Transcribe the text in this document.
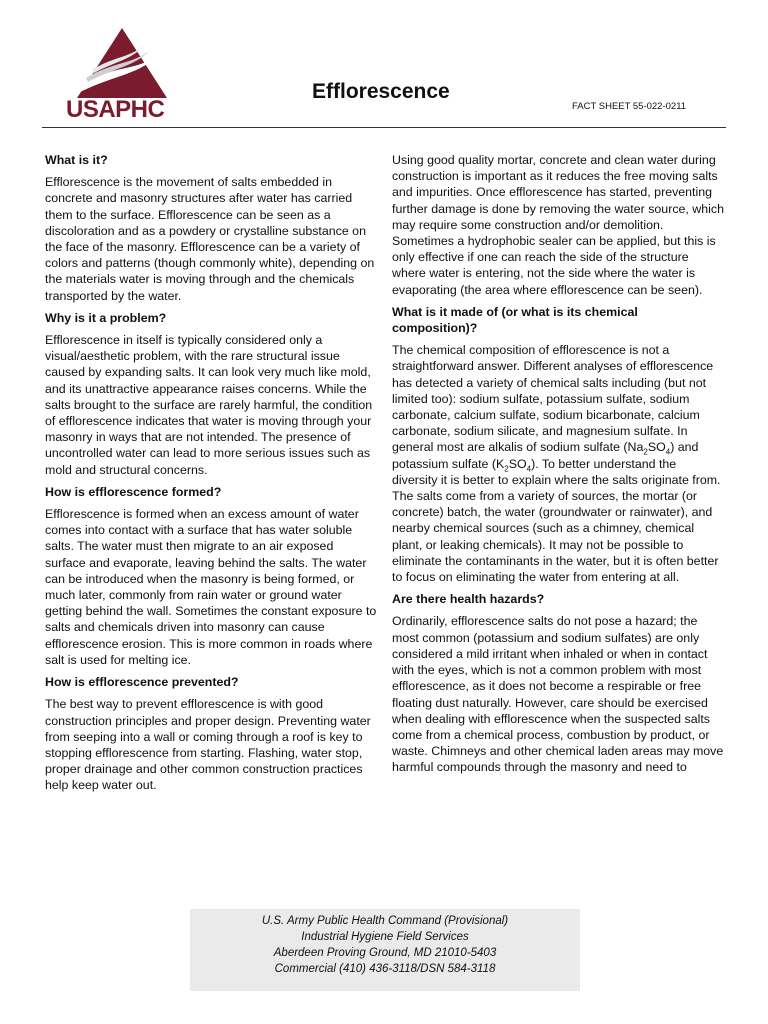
USAPHC
Efflorescence
FACT SHEET 55-022-0211
What is it?

Efflorescence is the movement of salts embedded in concrete and masonry structures after water has carried them to the surface. Efflorescence can be seen as a discoloration and as a powdery or crystalline substance on the face of the masonry. Efflorescence can be a variety of colors and patterns (though commonly white), depending on the materials water is moving through and the chemicals transported by the water.

Why is it a problem?

Efflorescence in itself is typically considered only a visual/aesthetic problem, with the rare structural issue caused by expanding salts. It can look very much like mold, and its unattractive appearance raises concerns. While the salts brought to the surface are rarely harmful, the condition of efflorescence indicates that water is moving through your masonry in ways that are not intended. The presence of uncontrolled water can lead to more serious issues such as mold and structural concerns.

How is efflorescence formed?

Efflorescence is formed when an excess amount of water comes into contact with a surface that has water soluble salts. The water must then migrate to an air exposed surface and evaporate, leaving behind the salts. The water can be introduced when the masonry is being formed, or much later, commonly from rain water or ground water getting behind the wall. Sometimes the constant exposure to salts and chemicals driven into masonry can cause efflorescence erosion. This is more common in roads where salt is used for melting ice.

How is efflorescence prevented?

The best way to prevent efflorescence is with good construction principles and proper design. Preventing water from seeping into a wall or coming through a roof is key to stopping efflorescence from starting. Flashing, water stop, proper drainage and other common construction practices help keep water out.

Using good quality mortar, concrete and clean water during construction is important as it reduces the free moving salts and impurities. Once efflorescence has started, preventing further damage is done by removing the water source, which may require some construction and/or demolition. Sometimes a hydrophobic sealer can be applied, but this is only effective if one can reach the side of the structure where water is entering, not the side where the water is evaporating (the area where efflorescence can be seen).

What is it made of (or what is its chemical composition)?

The chemical composition of efflorescence is not a straightforward answer. Different analyses of efflorescence has detected a variety of chemical salts including (but not limited too): sodium sulfate, potassium sulfate, sodium carbonate, calcium sulfate, sodium bicarbonate, calcium carbonate, sodium silicate, and magnesium sulfate. In general most are alkalis of sodium sulfate $(Na_2SO_4)$ and potassium sulfate $(K_2SO_4)$. To better understand the diversity it is better to explain where the salts originate from. The salts come from a variety of sources, the mortar (or concrete) batch, the water (groundwater or rainwater), and nearby chemical sources (such as a chimney, chemical plant, or leaking chemicals). It may not be possible to eliminate the contaminants in the water, but it is often better to focus on eliminating the water from entering at all.

Are there health hazards?

Ordinarily, efflorescence salts do not pose a hazard; the most common (potassium and sodium sulfates) are only considered a mild irritant when inhaled or when in contact with the eyes, which is not a common problem with most efflorescence, as it does not become a respirable or free floating dust naturally. However, care should be exercised when dealing with efflorescence when the suspected salts come from a chemical process, combustion by product, or waste. Chimneys and other chemical laden areas may move harmful compounds through the masonry and need to

U.S. Army Public Health Command (Provisional)
Industrial Hygiene Field Services
Aberdeen Proving Ground, MD 21010-5403
Commercial (410) 436-3118/DSN 584-3118
